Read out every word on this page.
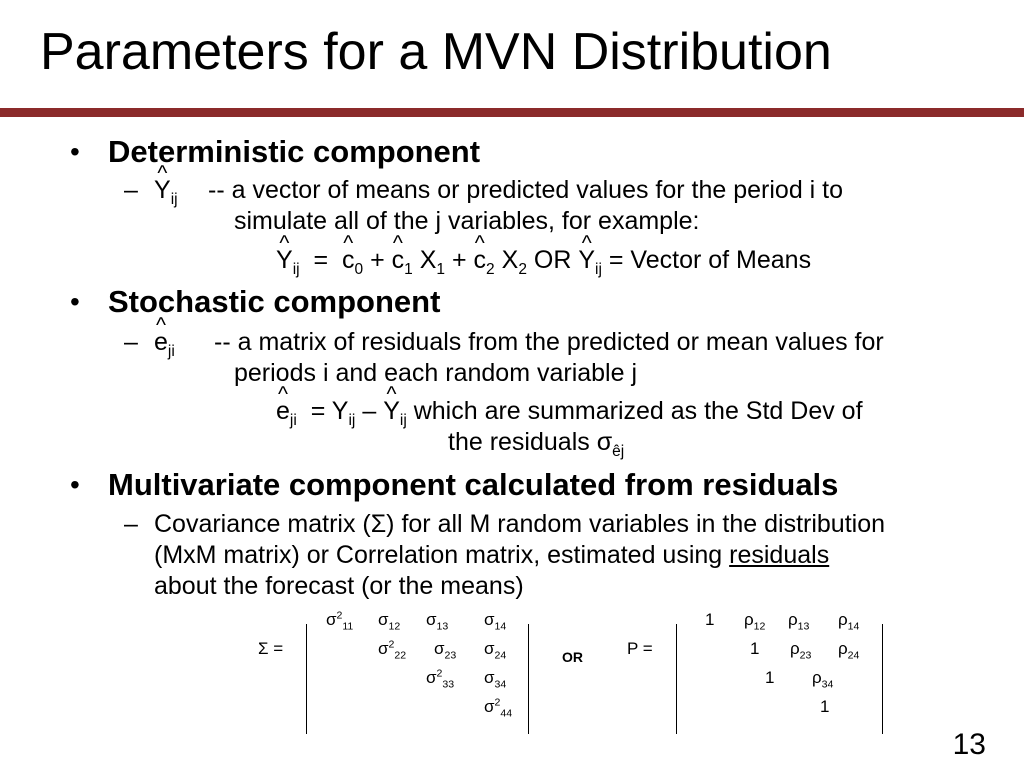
Parameters for a MVN Distribution
• Deterministic component
– ^ $Y_{ij}$ -- a vector of means or predicted values for the period i to
simulate all of the j variables, for example:
^ $Y_{ij}$ = ^ $c_0$ + ^ $c_1$ $X_1$ + ^ $c_2$ $X_2$ OR ^ $Y_{ij}$ = Vector of Means
• Stochastic component
– ^ $e_{ji}$ -- a matrix of residuals from the predicted or mean values for
periods i and each random variable j
^ $e_{ji} = Y_{ij}$ – ^ $Y_{ij}$ which are summarized as the Std Dev of
the residuals $\sigma_{êj}$
• Multivariate component calculated from residuals
– Covariance matrix (Σ) for all M random variables in the distribution
(MxM matrix) or Correlation matrix, estimated using residuals
about the forecast (or the means)
Σ =
$\sigma^2_{11}$ $\sigma_{12}$ $\sigma_{13}$ $\sigma_{14}$
$\sigma^2_{22}$ $\sigma_{23}$ $\sigma_{24}$
$\sigma^2_{33}$ $\sigma_{34}$
$\sigma^2_{44}$
OR	P =
1 $\rho_{12}$ $\rho_{13}$ $\rho_{14}$
1 $\rho_{23}$ $\rho_{24}$
1 $\rho_{34}$
1
13
